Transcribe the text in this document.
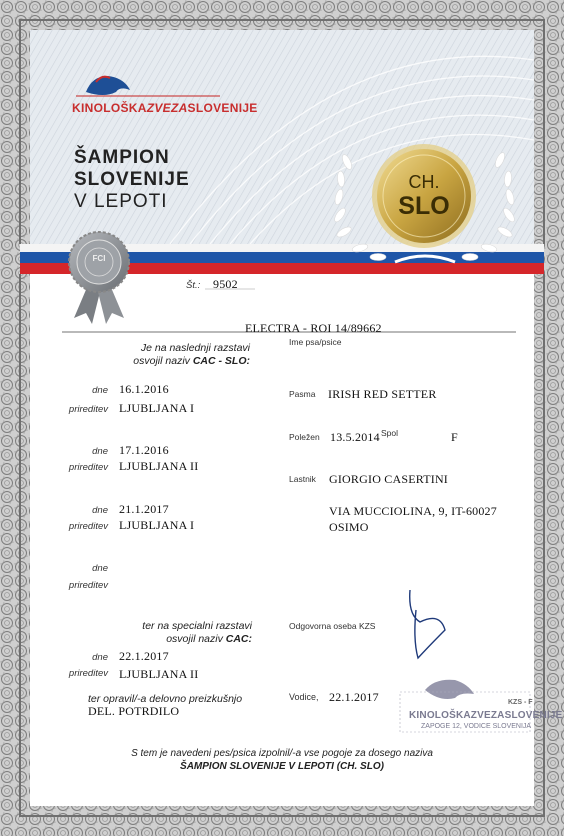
KINOLOŠKAZVEZASLOVENIJE
ŠAMPION
SLOVENIJE
V LEPOTI
CH.
SLO
FCI
Št.: 9502
ELECTRA - ROI 14/89662
Ime psa/psice
Je na naslednji razstavi
osvojil naziv CAC - SLO:
dne 16.1.2016
prireditev LJUBLJANA I
dne 17.1.2016
prireditev LJUBLJANA II
dne 21.1.2017
prireditev LJUBLJANA I
dne
prireditev
ter na specialni razstavi
osvojil naziv CAC:
dne 22.1.2017
prireditev LJUBLJANA II
ter opravil/-a delovno preizkušnjo
DEL. POTRDILO
Pasma IRISH RED SETTER
Poležen 13.5.2014 Spol	F
Lastnik GIORGIO CASERTINI
VIA MUCCIOLINA, 9, IT-60027
OSIMO
Odgovorna oseba KZS
Vodice, 22.1.2017	KZS - F
KINOLOŠKAZVEZASLOVENIJE
ZAPOGE 12, VODICE SLOVENIJA
S tem je navedeni pes/psica izpolnil/-a vse pogoje za dosego naziva
ŠAMPION SLOVENIJE V LEPOTI (CH. SLO)
